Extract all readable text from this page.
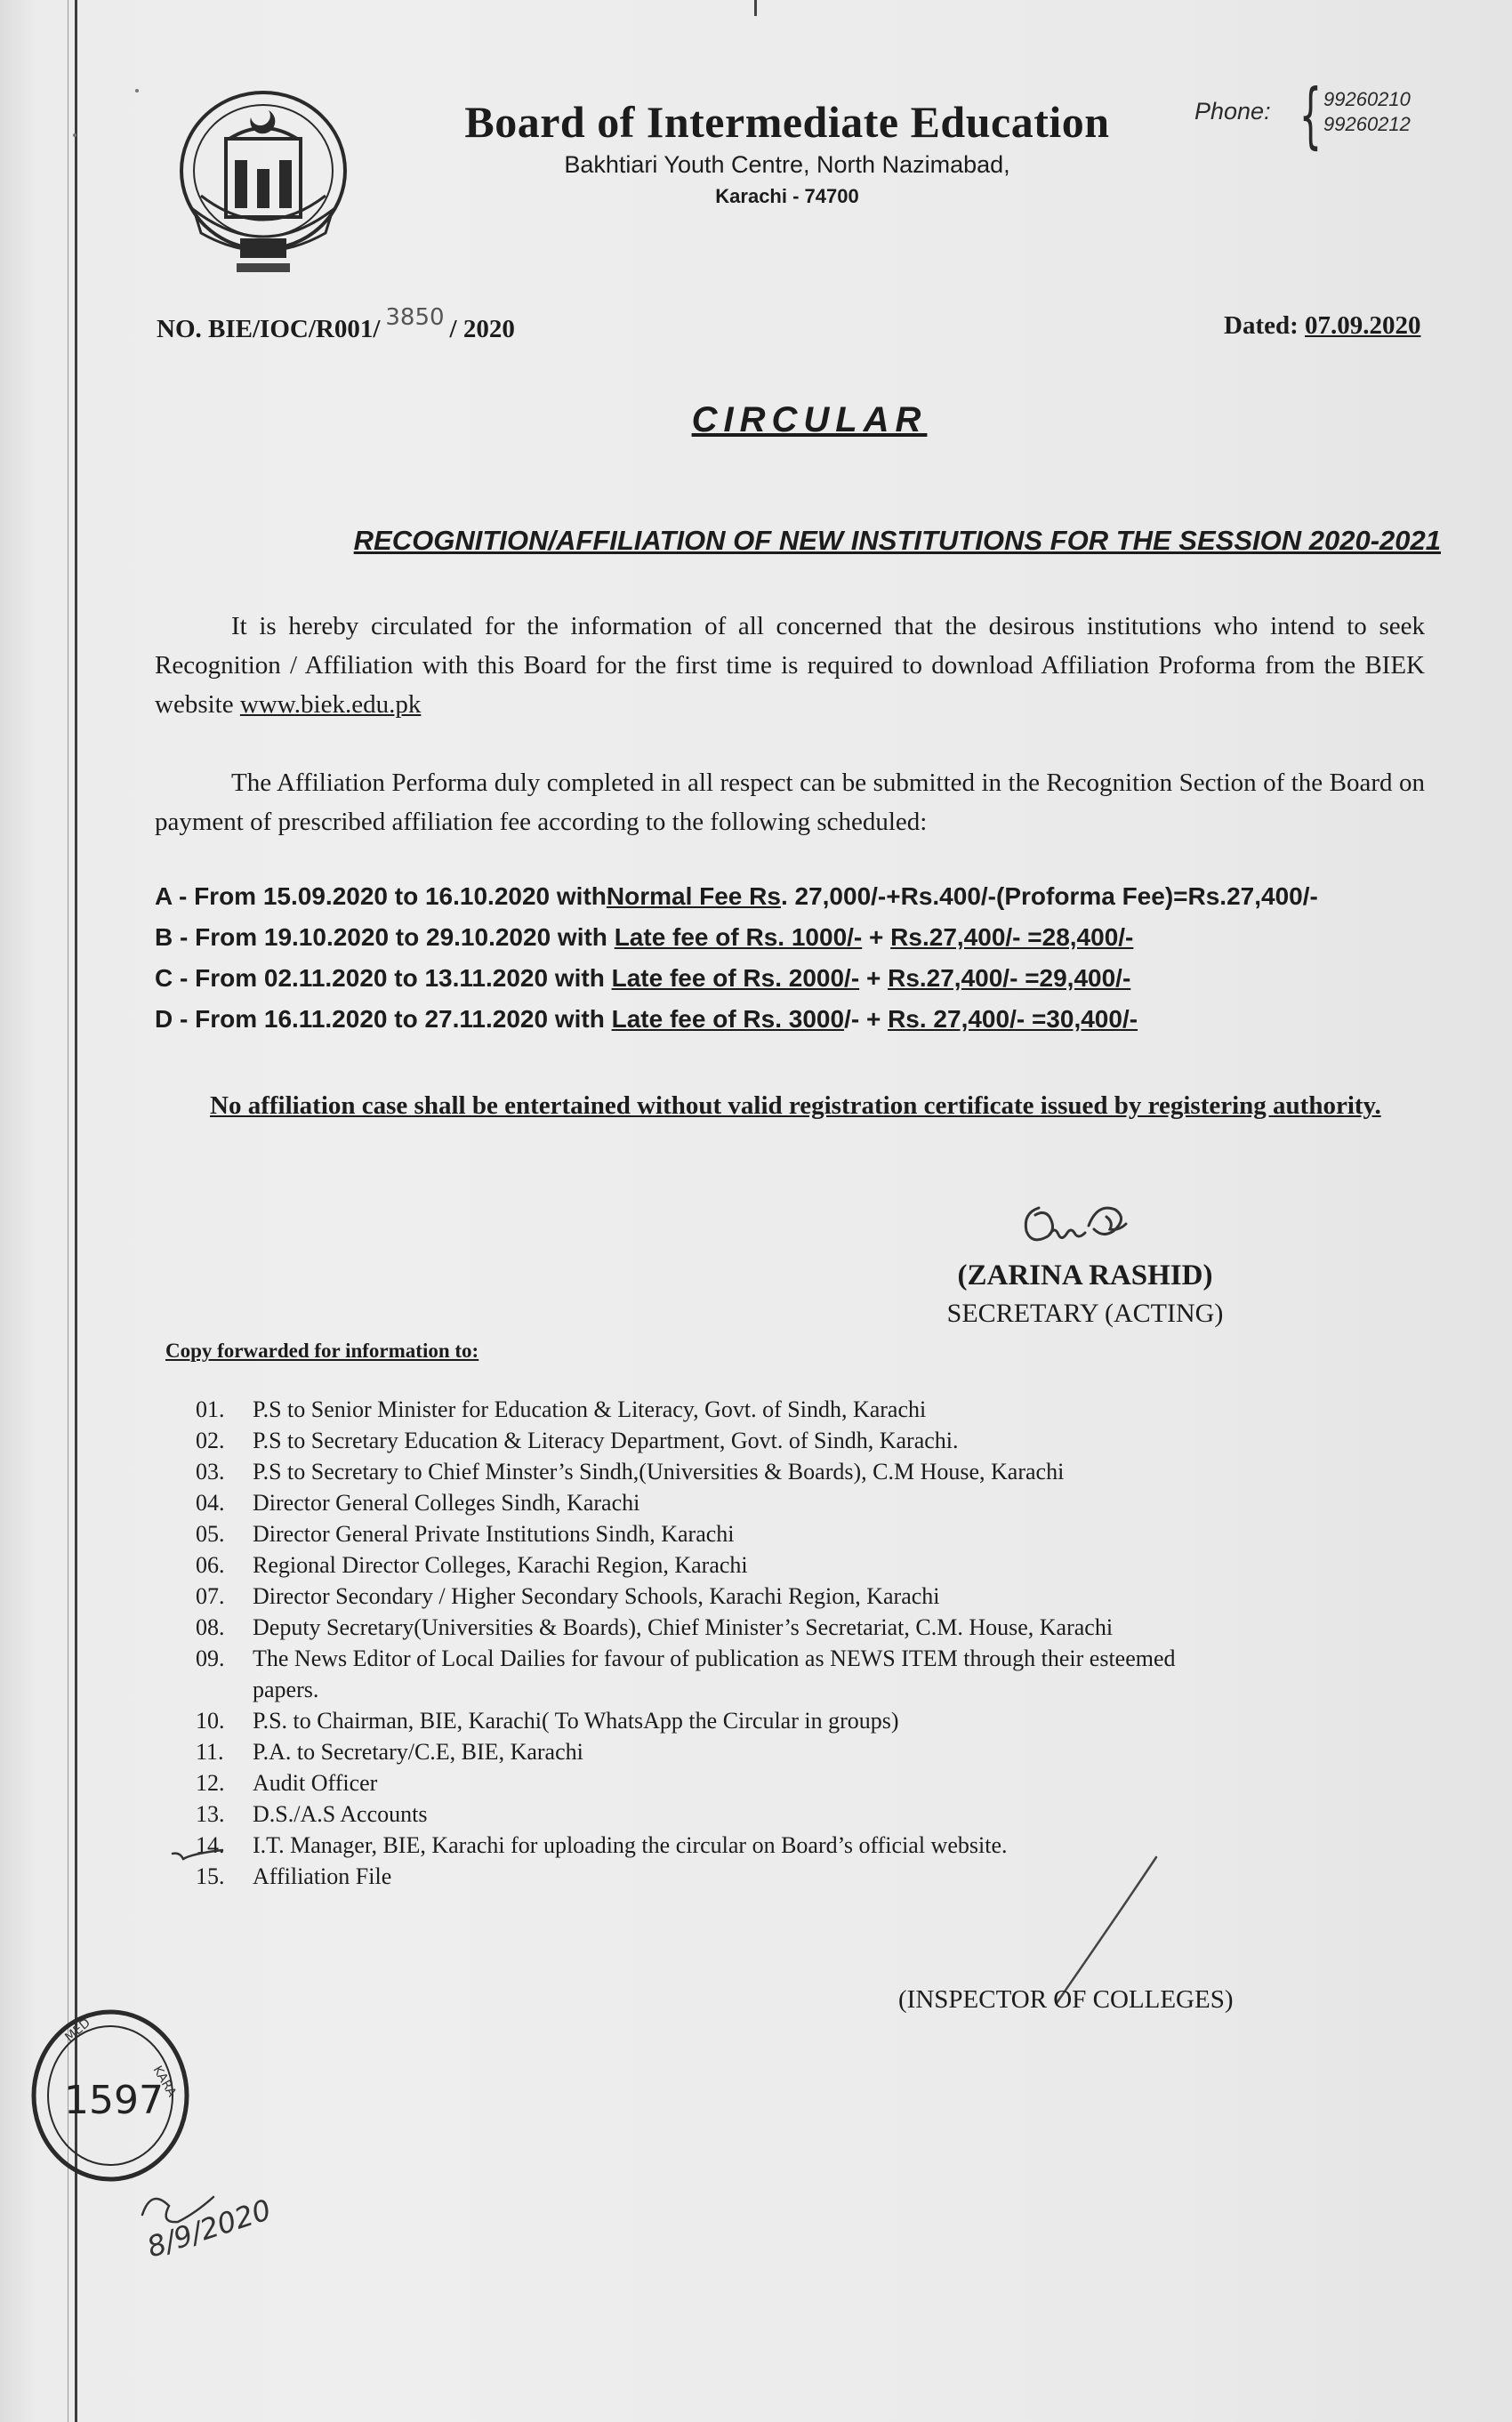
Board of Intermediate Education
Bakhtiari Youth Centre, North Nazimabad,
Karachi - 74700
Phone: { 99260210
99260212
NO. BIE/IOC/R001/ 3850 / 2020	Dated: 07.09.2020
CIRCULAR
RECOGNITION/AFFILIATION OF NEW INSTITUTIONS FOR THE SESSION 2020-2021
It is hereby circulated for the information of all concerned that the desirous institutions who intend to seek Recognition / Affiliation with this Board for the first time is required to download Affiliation Proforma from the BIEK website www.biek.edu.pk
The Affiliation Performa duly completed in all respect can be submitted in the Recognition Section of the Board on payment of prescribed affiliation fee according to the following scheduled:
A - From 15.09.2020 to 16.10.2020 withNormal Fee Rs. 27,000/-+Rs.400/-(Proforma Fee)=Rs.27,400/-
B - From 19.10.2020 to 29.10.2020 with Late fee of Rs. 1000/- + Rs.27,400/- =28,400/-
C - From 02.11.2020 to 13.11.2020 with Late fee of Rs. 2000/- + Rs.27,400/- =29,400/-
D - From 16.11.2020 to 27.11.2020 with Late fee of Rs. 3000/- + Rs. 27,400/- =30,400/-
No affiliation case shall be entertained without valid registration certificate issued by registering authority.
(ZARINA RASHID)
SECRETARY (ACTING)
Copy forwarded for information to:
01.	P.S to Senior Minister for Education & Literacy, Govt. of Sindh, Karachi
02.	P.S to Secretary Education & Literacy Department, Govt. of Sindh, Karachi.
03.	P.S to Secretary to Chief Minster’s Sindh,(Universities & Boards), C.M House, Karachi
04.	Director General Colleges Sindh, Karachi
05.	Director General Private Institutions Sindh, Karachi
06.	Regional Director Colleges, Karachi Region, Karachi
07.	Director Secondary / Higher Secondary Schools, Karachi Region, Karachi
08.	Deputy Secretary(Universities & Boards), Chief Minister’s Secretariat, C.M. House, Karachi
09.	The News Editor of Local Dailies for favour of publication as NEWS ITEM through their esteemed papers.
10.	P.S. to Chairman, BIE, Karachi( To WhatsApp the Circular in groups)
11.	P.A. to Secretary/C.E, BIE, Karachi
12.	Audit Officer
13.	D.S./A.S Accounts
14.	I.T. Manager, BIE, Karachi for uploading the circular on Board’s official website.
15.	Affiliation File
(INSPECTOR OF COLLEGES)
MED
KARA
1597
8/9/2020
